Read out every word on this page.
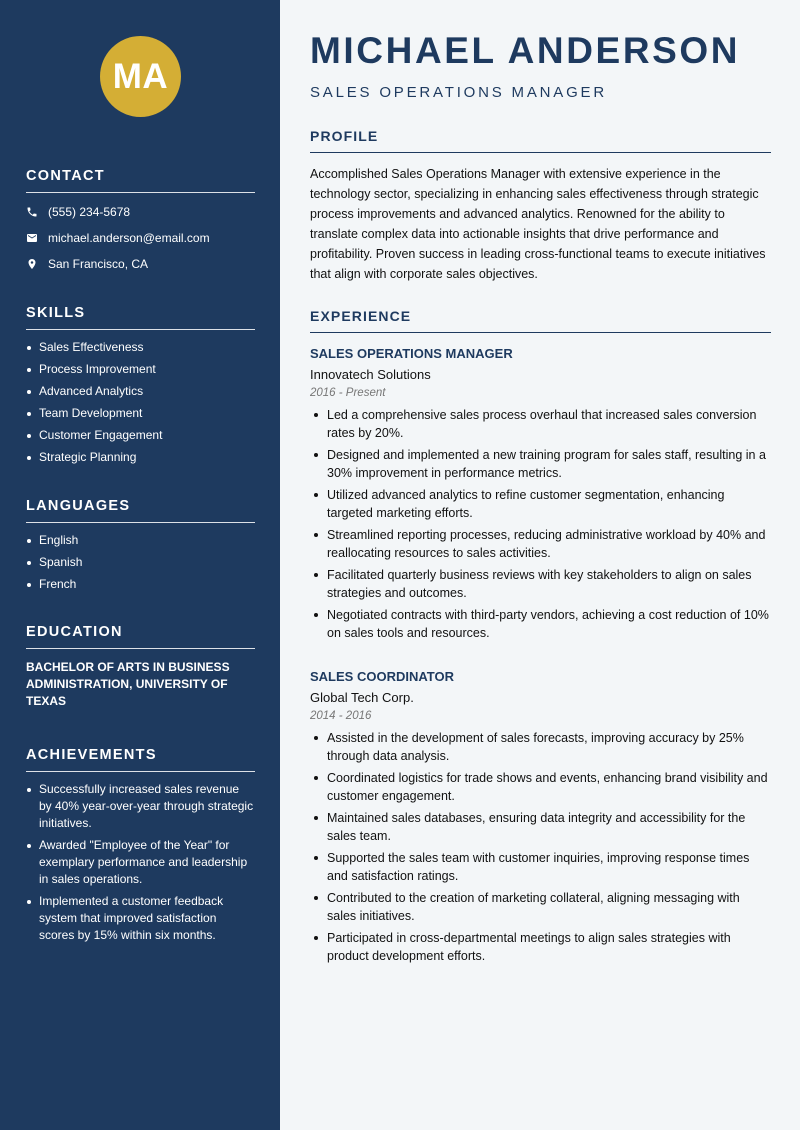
MA
CONTACT
(555) 234-5678
michael.anderson@email.com
San Francisco, CA
SKILLS
Sales Effectiveness
Process Improvement
Advanced Analytics
Team Development
Customer Engagement
Strategic Planning
LANGUAGES
English
Spanish
French
EDUCATION
BACHELOR OF ARTS IN BUSINESS ADMINISTRATION, UNIVERSITY OF TEXAS
ACHIEVEMENTS
Successfully increased sales revenue by 40% year-over-year through strategic initiatives.
Awarded "Employee of the Year" for exemplary performance and leadership in sales operations.
Implemented a customer feedback system that improved satisfaction scores by 15% within six months.
MICHAEL ANDERSON
SALES OPERATIONS MANAGER
PROFILE
Accomplished Sales Operations Manager with extensive experience in the technology sector, specializing in enhancing sales effectiveness through strategic process improvements and advanced analytics. Renowned for the ability to translate complex data into actionable insights that drive performance and profitability. Proven success in leading cross-functional teams to execute initiatives that align with corporate sales objectives.
EXPERIENCE
SALES OPERATIONS MANAGER
Innovatech Solutions
2016 - Present
Led a comprehensive sales process overhaul that increased sales conversion rates by 20%.
Designed and implemented a new training program for sales staff, resulting in a 30% improvement in performance metrics.
Utilized advanced analytics to refine customer segmentation, enhancing targeted marketing efforts.
Streamlined reporting processes, reducing administrative workload by 40% and reallocating resources to sales activities.
Facilitated quarterly business reviews with key stakeholders to align on sales strategies and outcomes.
Negotiated contracts with third-party vendors, achieving a cost reduction of 10% on sales tools and resources.
SALES COORDINATOR
Global Tech Corp.
2014 - 2016
Assisted in the development of sales forecasts, improving accuracy by 25% through data analysis.
Coordinated logistics for trade shows and events, enhancing brand visibility and customer engagement.
Maintained sales databases, ensuring data integrity and accessibility for the sales team.
Supported the sales team with customer inquiries, improving response times and satisfaction ratings.
Contributed to the creation of marketing collateral, aligning messaging with sales initiatives.
Participated in cross-departmental meetings to align sales strategies with product development efforts.
